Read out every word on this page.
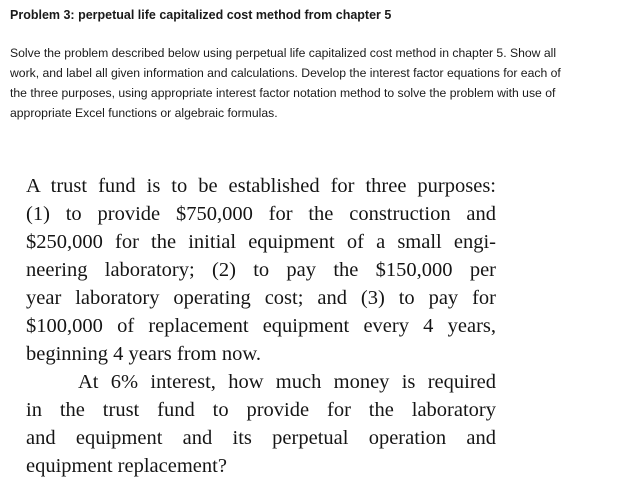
Problem 3: perpetual life capitalized cost method from chapter 5
Solve the problem described below using perpetual life capitalized cost method in chapter 5. Show all
work, and label all given information and calculations. Develop the interest factor equations for each of
the three purposes, using appropriate interest factor notation method to solve the problem with use of
appropriate Excel functions or algebraic formulas.
A trust fund is to be established for three purposes:
(1) to provide $750,000 for the construction and
$250,000 for the initial equipment of a small engi-
neering laboratory; (2) to pay the $150,000 per
year laboratory operating cost; and (3) to pay for
$100,000 of replacement equipment every 4 years,
beginning 4 years from now.
At 6% interest, how much money is required
in the trust fund to provide for the laboratory
and equipment and its perpetual operation and
equipment replacement?
